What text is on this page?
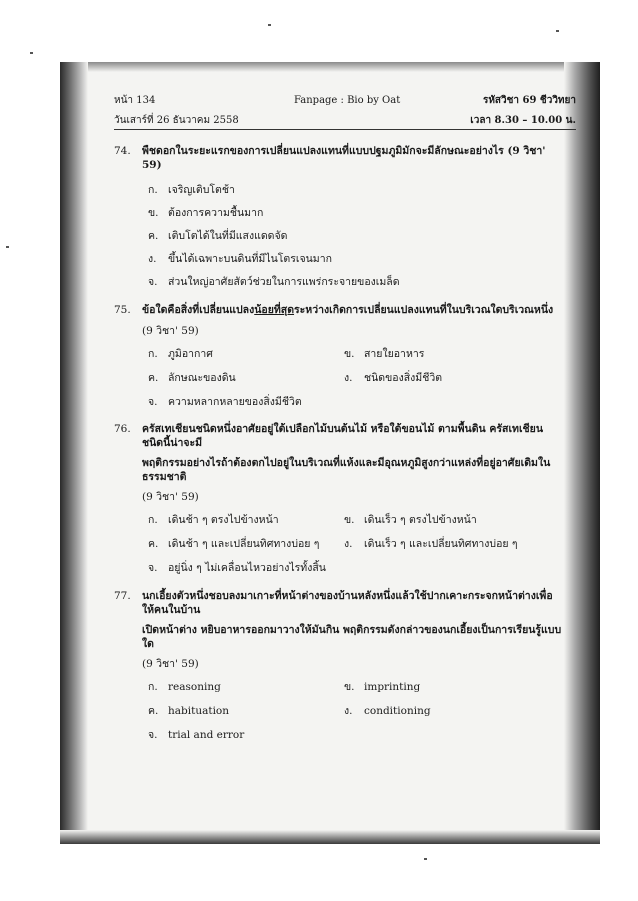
หน้า 134	Fanpage : Bio by Oat	รหัสวิชา 69 ชีววิทยา
วันเสาร์ที่ 26 ธันวาคม 2558	เวลา 8.30 – 10.00 น.
74.	พืชดอกในระยะแรกของการเปลี่ยนแปลงแทนที่แบบปฐมภูมิมักจะมีลักษณะอย่างไร (9 วิชา' 59)
ก. เจริญเติบโตช้า
ข. ต้องการความชื้นมาก
ค. เติบโตได้ในที่มีแสงแดดจัด
ง.	ขึ้นได้เฉพาะบนดินที่มีไนโตรเจนมาก
จ.	ส่วนใหญ่อาศัยสัตว์ช่วยในการแพร่กระจายของเมล็ด
75.	ข้อใดคือสิ่งที่เปลี่ยนแปลงน้อยที่สุดระหว่างเกิดการเปลี่ยนแปลงแทนที่ในบริเวณใดบริเวณหนึ่ง
(9 วิชา' 59)
ก. ภูมิอากาศ	ข. สายใยอาหาร
ค. ลักษณะของดิน	ง.	ชนิดของสิ่งมีชีวิต
จ.	ความหลากหลายของสิ่งมีชีวิต
76.	ครัสเทเชียนชนิดหนึ่งอาศัยอยู่ใต้เปลือกไม้บนต้นไม้ หรือใต้ขอนไม้ ตามพื้นดิน ครัสเทเชียนชนิดนี้น่าจะมี
พฤติกรรมอย่างไรถ้าต้องตกไปอยู่ในบริเวณที่แห้งและมีอุณหภูมิสูงกว่าแหล่งที่อยู่อาศัยเดิมในธรรมชาติ
(9 วิชา' 59)
ก. เดินช้า ๆ ตรงไปข้างหน้า	ข. เดินเร็ว ๆ ตรงไปข้างหน้า
ค. เดินช้า ๆ และเปลี่ยนทิศทางบ่อย ๆ ง.	เดินเร็ว ๆ และเปลี่ยนทิศทางบ่อย ๆ
จ.	อยู่นิ่ง ๆ ไม่เคลื่อนไหวอย่างไรทั้งสิ้น
77.	นกเอี้ยงตัวหนึ่งชอบลงมาเกาะที่หน้าต่างของบ้านหลังหนึ่งแล้วใช้ปากเคาะกระจกหน้าต่างเพื่อให้คนในบ้าน
เปิดหน้าต่าง หยิบอาหารออกมาวางให้มันกิน พฤติกรรมดังกล่าวของนกเอี้ยงเป็นการเรียนรู้แบบใด
(9 วิชา' 59)
ก. reasoning	ข. imprinting
ค. habituation	ง.	conditioning
จ.	trial and error
